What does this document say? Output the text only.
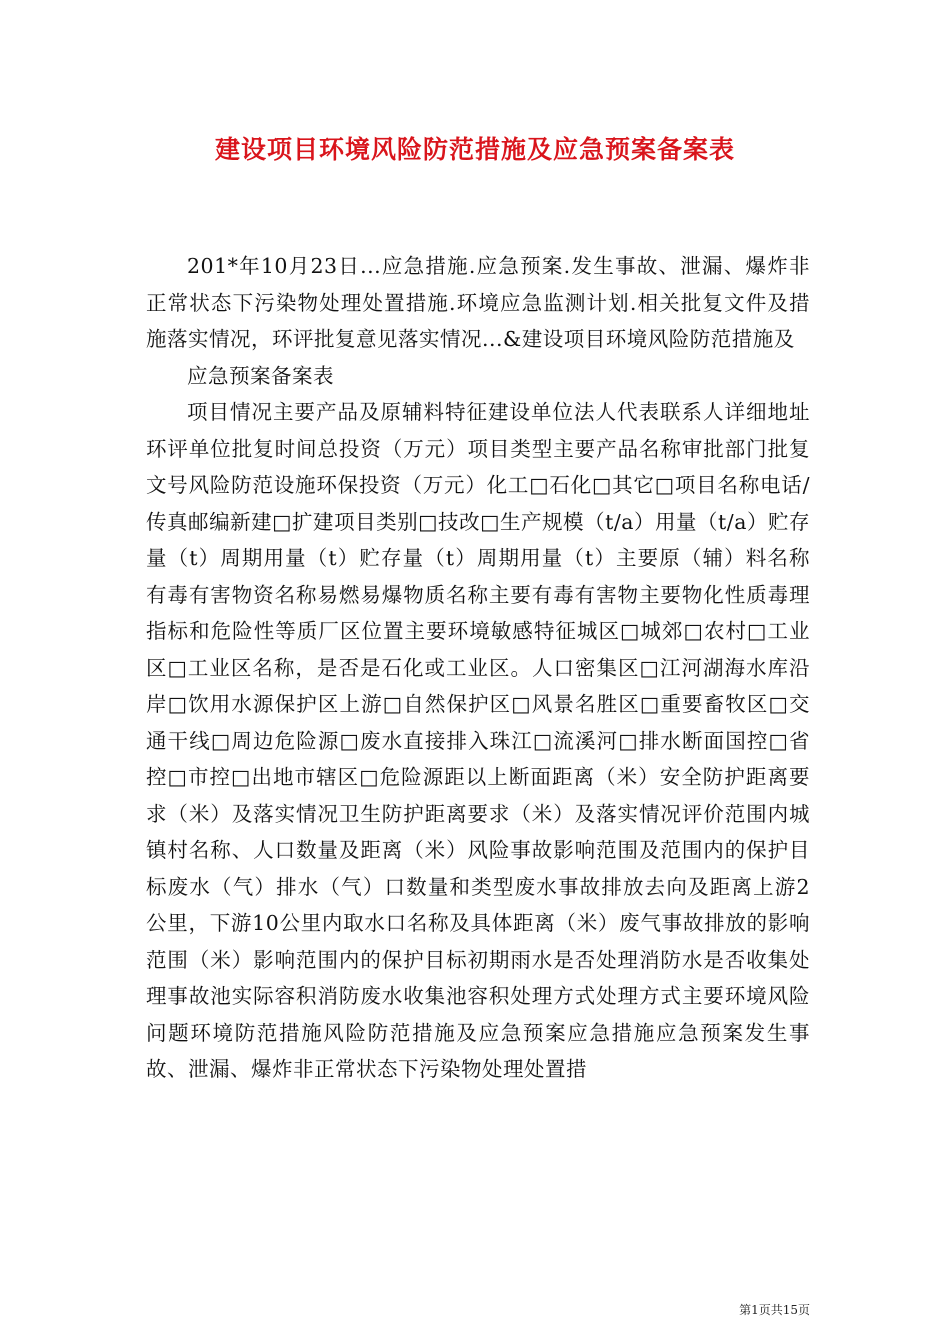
建设项目环境风险防范措施及应急预案备案表

201*年10月23日...应急措施.应急预案.发生事故、泄漏、爆炸非正常状态下污染物处理处置措施.环境应急监测计划.相关批复文件及措施落实情况，环评批复意见落实情况...&建设项目环境风险防范措施及

应急预案备案表

项目情况主要产品及原辅料特征建设单位法人代表联系人详细地址环评单位批复时间总投资（万元）项目类型主要产品名称审批部门批复文号风险防范设施环保投资（万元）化工□石化□其它□项目名称电话/传真邮编新建□扩建项目类别□技改□生产规模（t/a）用量（t/a）贮存量（t）周期用量（t）贮存量（t）周期用量（t）主要原（辅）料名称有毒有害物资名称易燃易爆物质名称主要有毒有害物主要物化性质毒理指标和危险性等质厂区位置主要环境敏感特征城区□城郊□农村□工业区□工业区名称，是否是石化或工业区。人口密集区□江河湖海水库沿岸□饮用水源保护区上游□自然保护区□风景名胜区□重要畜牧区□交通干线□周边危险源□废水直接排入珠江□流溪河□排水断面国控□省控□市控□出地市辖区□危险源距以上断面距离（米）安全防护距离要求（米）及落实情况卫生防护距离要求（米）及落实情况评价范围内城镇村名称、人口数量及距离（米）风险事故影响范围及范围内的保护目标废水（气）排水（气）口数量和类型废水事故排放去向及距离上游2公里，下游10公里内取水口名称及具体距离（米）废气事故排放的影响范围（米）影响范围内的保护目标初期雨水是否处理消防水是否收集处理事故池实际容积消防废水收集池容积处理方式处理方式主要环境风险问题环境防范措施风险防范措施及应急预案应急措施应急预案发生事故、泄漏、爆炸非正常状态下污染物处理处置措

第1页共15页
